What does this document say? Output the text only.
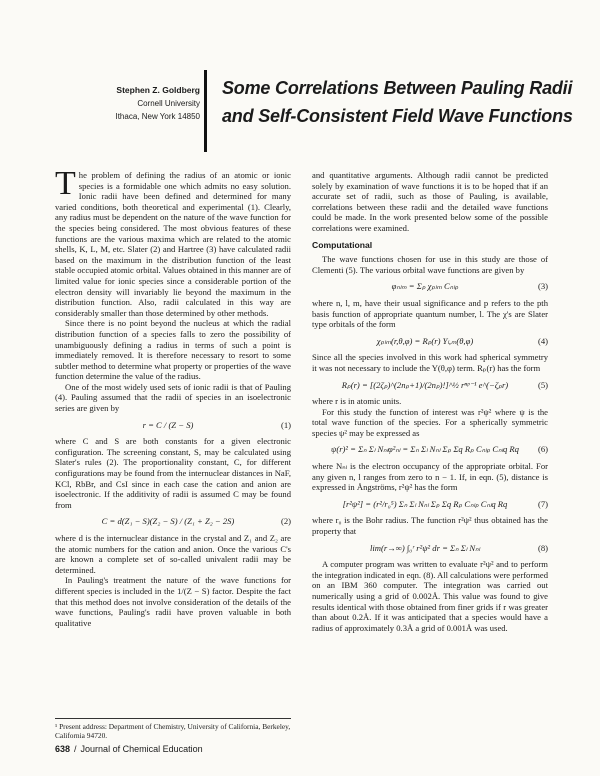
Stephen Z. Goldberg
Cornell University
Ithaca, New York 14850
Some Correlations Between Pauling Radii
and Self-Consistent Field Wave Functions

The problem of defining the radius of an atomic or ionic species is a formidable one which admits no easy solution. Ionic radii have been defined and determined for many varied conditions, both theoretical and experimental (1). Clearly, any radius must be dependent on the nature of the wave function for the species being considered. The most obvious features of these functions are the various maxima which are related to the atomic shells, K, L, M, etc. Slater (2) and Hartree (3) have calculated radii based on the maximum in the distribution function of the least stable occupied atomic orbital. Values obtained in this manner are of limited value for ionic species since a considerable portion of the electron density will invariably lie beyond the maximum in the distribution function. Also, radii calculated in this way are considerably smaller than those determined by other methods.

Since there is no point beyond the nucleus at which the radial distribution function of a species falls to zero the possibility of unambiguously defining a radius in terms of such a point is immediately removed. It is therefore necessary to resort to some subtler method to determine what property or properties of the wave function determine the value of the radius.

One of the most widely used sets of ionic radii is that of Pauling (4). Pauling assumed that the radii of species in an isoelectronic series are given by

r = C / (Z − S)	(1)

where C and S are both constants for a given electronic configuration. The screening constant, S, may be calculated using Slater's rules (2). The proportionality constant, C, for different configurations may be found from the internuclear distances in NaF, KCl, RbBr, and CsI since in each case the cation and anion are isoelectronic. If the additivity of radii is assumed C may be found from

C = d(Z₁ − S)(Z₂ − S) / (Z₁ + Z₂ − 2S)	(2)

where d is the internuclear distance in the crystal and Z₁ and Z₂ are the atomic numbers for the cation and anion. Once the various C's are known a complete set of so-called univalent radii may be determined.

In Pauling's treatment the nature of the wave functions for different species is included in the 1/(Z − S) factor. Despite the fact that this method does not involve consideration of the details of the wave functions, Pauling's radii have proven valuable in both qualitative

¹ Present address: Department of Chemistry, University of California, Berkeley, California 94720.

and quantitative arguments. Although radii cannot be predicted solely by examination of wave functions it is to be hoped that if an accurate set of radii, such as those of Pauling, is available, correlations between these radii and the detailed wave functions could be made. In the work presented below some of the possible correlations were examined.

Computational

The wave functions chosen for use in this study are those of Clementi (5). The various orbital wave functions are given by

φₙₗₘ = Σₚ χₚₗₘ Cₙₗₚ	(3)

where n, l, m, have their usual significance and p refers to the pth basis function of appropriate quantum number, l. The χ's are Slater type orbitals of the form

χₚₗₘ(r,θ,φ) = Rₚ(r) Yₗ,ₘ(θ,φ)	(4)

Since all the species involved in this work had spherical symmetry it was not necessary to include the Y(θ,φ) term. Rₚ(r) has the form

Rₚ(r) = [(2ζₚ)^(2nₚ+1)/(2nₚ)!]^½ rⁿᵖ⁻¹ e^(−ζₚr)	(5)

where r is in atomic units.

For this study the function of interest was r²ψ² where ψ is the total wave function of the species. For a spherically symmetric species ψ² may be expressed as

ψ(r)² = Σₙ Σₗ Nₙₗφ²ₙₗ = Σₙ Σₗ Nₙₗ Σₚ Σq Rₚ Cₙₗₚ Cₙₗq Rq	(6)

where Nₙₗ is the electron occupancy of the appropriate orbital. For any given n, l ranges from zero to n − 1. If, in eqn. (5), distance is expressed in Ångströms, r²ψ² has the form

[r²ψ²] = (r²/r₀⁵) Σₙ Σₗ Nₙₗ Σₚ Σq Rₚ Cₙₗₚ Cₙₗq Rq	(7)

where r₀ is the Bohr radius. The function r²ψ² thus obtained has the property that

lim(r→∞) ∫₀ʳ r²ψ² dr = Σₙ Σₗ Nₙₗ	(8)

A computer program was written to evaluate r²ψ² and to perform the integration indicated in eqn. (8). All calculations were performed on an IBM 360 computer. The integration was carried out numerically using a grid of 0.002Å. This value was found to give results identical with those obtained from finer grids if r was greater than about 0.2Å. If it was anticipated that a species would have a radius of approximately 0.3Å a grid of 0.001Å was used.

638 / Journal of Chemical Education
